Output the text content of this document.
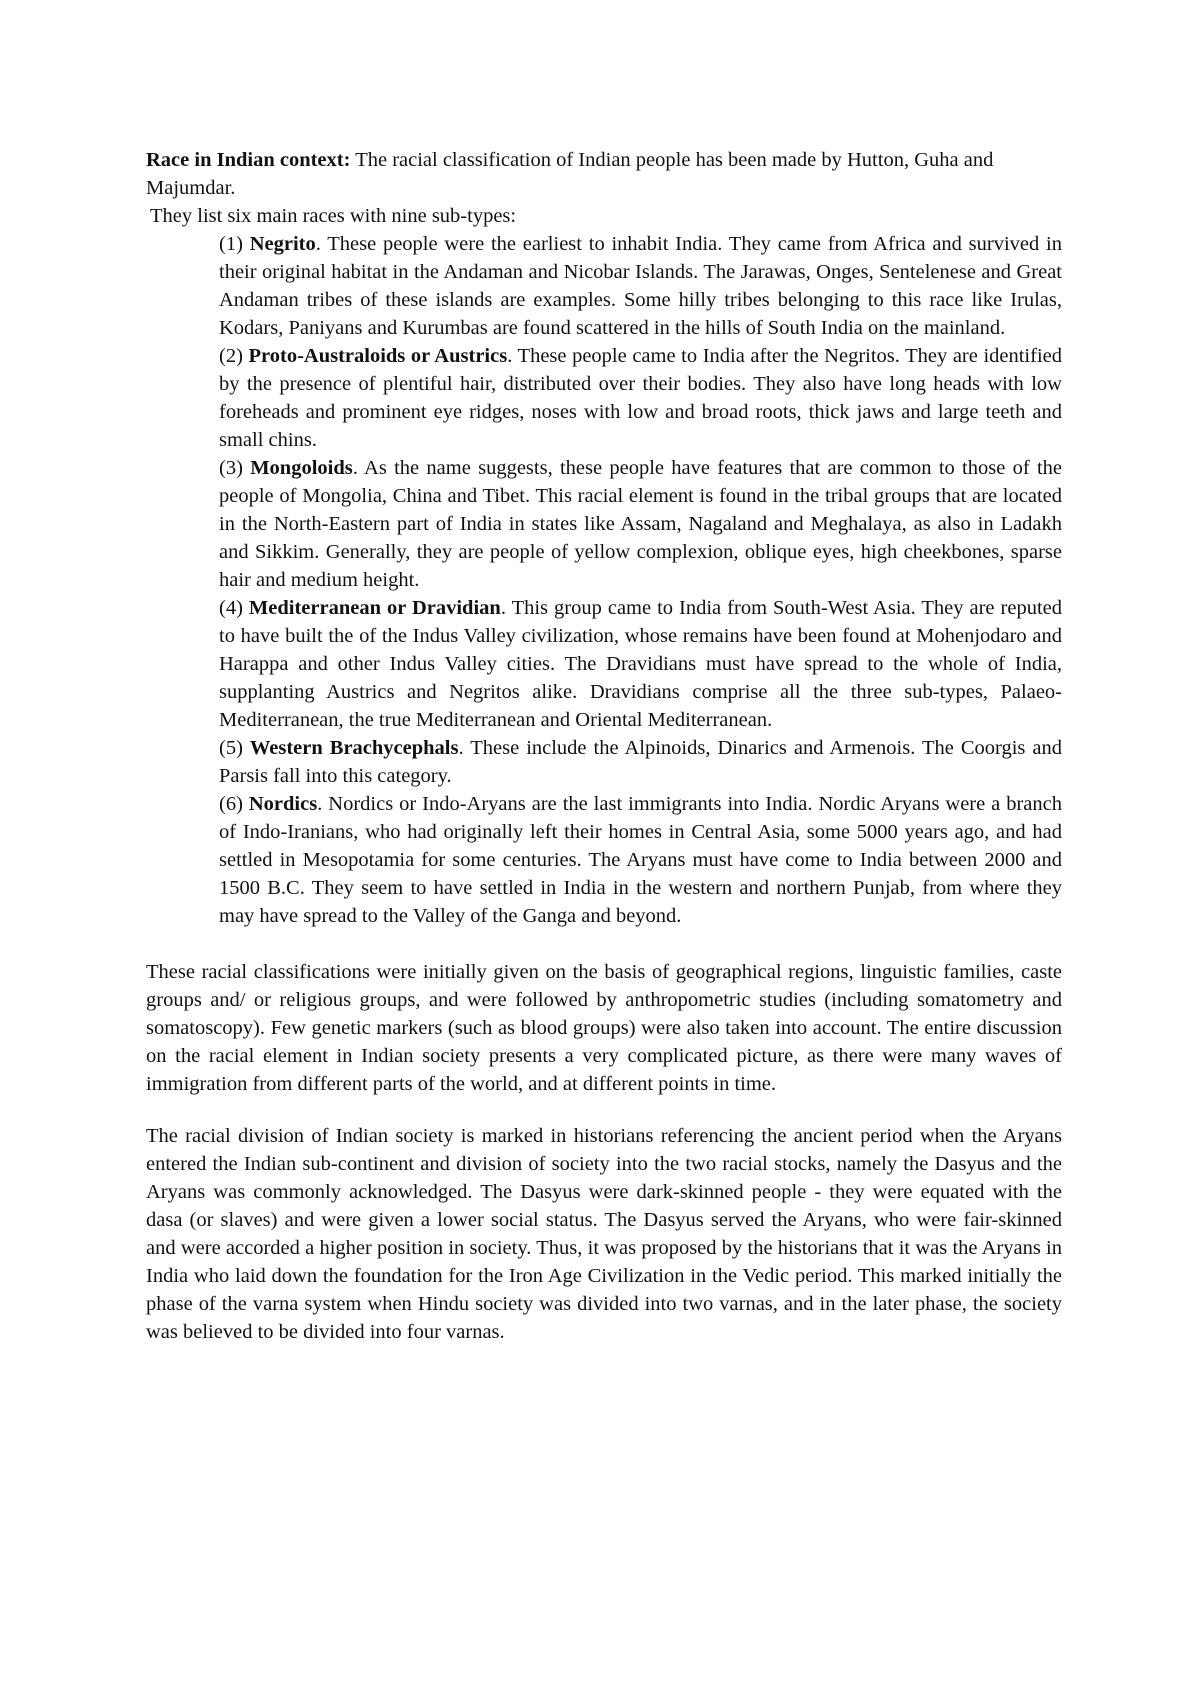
Race in Indian context: The racial classification of Indian people has been made by Hutton, Guha and Majumdar.

They list six main races with nine sub-types:

(1) Negrito. These people were the earliest to inhabit India. They came from Africa and survived in their original habitat in the Andaman and Nicobar Islands. The Jarawas, Onges, Sentelenese and Great Andaman tribes of these islands are examples. Some hilly tribes belonging to this race like Irulas, Kodars, Paniyans and Kurumbas are found scattered in the hills of South India on the mainland.
(2) Proto-Australoids or Austrics. These people came to India after the Negritos. They are identified by the presence of plentiful hair, distributed over their bodies. They also have long heads with low foreheads and prominent eye ridges, noses with low and broad roots, thick jaws and large teeth and small chins.
(3) Mongoloids. As the name suggests, these people have features that are common to those of the people of Mongolia, China and Tibet. This racial element is found in the tribal groups that are located in the North-Eastern part of India in states like Assam, Nagaland and Meghalaya, as also in Ladakh and Sikkim. Generally, they are people of yellow complexion, oblique eyes, high cheekbones, sparse hair and medium height.
(4) Mediterranean or Dravidian. This group came to India from South-West Asia. They are reputed to have built the of the Indus Valley civilization, whose remains have been found at Mohenjodaro and Harappa and other Indus Valley cities. The Dravidians must have spread to the whole of India, supplanting Austrics and Negritos alike. Dravidians comprise all the three sub-types, Palaeo-Mediterranean, the true Mediterranean and Oriental Mediterranean.
(5) Western Brachycephals. These include the Alpinoids, Dinarics and Armenois. The Coorgis and Parsis fall into this category.
(6) Nordics. Nordics or Indo-Aryans are the last immigrants into India. Nordic Aryans were a branch of Indo-Iranians, who had originally left their homes in Central Asia, some 5000 years ago, and had settled in Mesopotamia for some centuries. The Aryans must have come to India between 2000 and 1500 B.C. They seem to have settled in India in the western and northern Punjab, from where they may have spread to the Valley of the Ganga and beyond.

These racial classifications were initially given on the basis of geographical regions, linguistic families, caste groups and/ or religious groups, and were followed by anthropometric studies (including somatometry and somatoscopy). Few genetic markers (such as blood groups) were also taken into account. The entire discussion on the racial element in Indian society presents a very complicated picture, as there were many waves of immigration from different parts of the world, and at different points in time.

The racial division of Indian society is marked in historians referencing the ancient period when the Aryans entered the Indian sub-continent and division of society into the two racial stocks, namely the Dasyus and the Aryans was commonly acknowledged. The Dasyus were dark-skinned people - they were equated with the dasa (or slaves) and were given a lower social status. The Dasyus served the Aryans, who were fair-skinned and were accorded a higher position in society. Thus, it was proposed by the historians that it was the Aryans in India who laid down the foundation for the Iron Age Civilization in the Vedic period. This marked initially the phase of the varna system when Hindu society was divided into two varnas, and in the later phase, the society was believed to be divided into four varnas.
